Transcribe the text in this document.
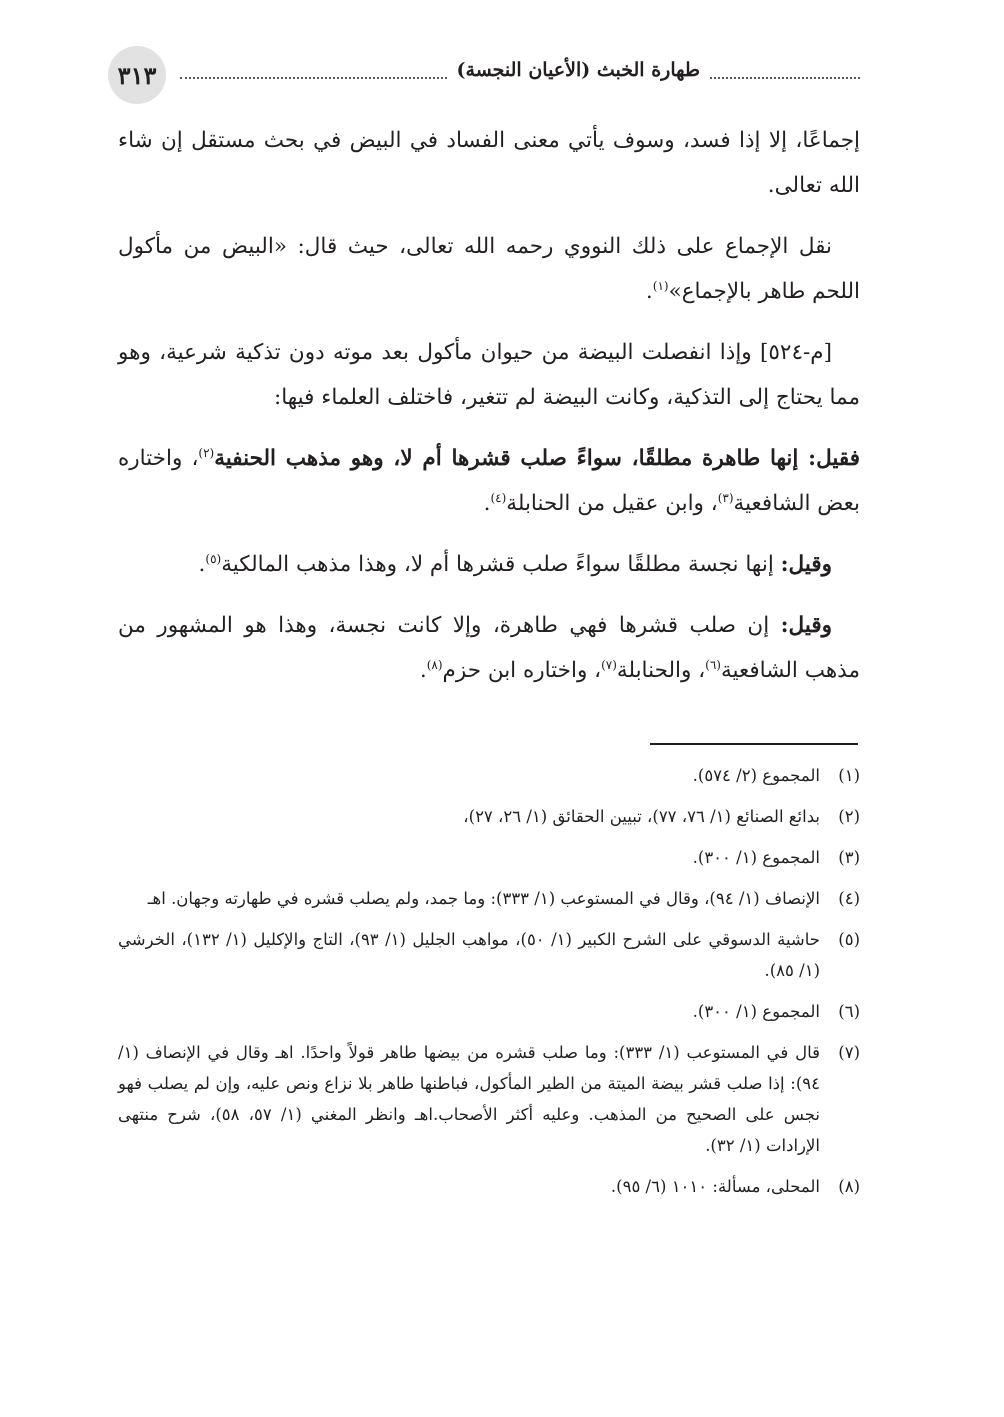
٣١٣	طهارة الخبث (الأعيان النجسة)

إجماعًا، إلا إذا فسد، وسوف يأتي معنى الفساد في البيض في بحث مستقل إن شاء الله تعالى.

نقل الإجماع على ذلك النووي رحمه الله تعالى، حيث قال: «البيض من مأكول اللحم طاهر بالإجماع»$^{(١)}$.

[م-٥٢٤] وإذا انفصلت البيضة من حيوان مأكول بعد موته دون تذكية شرعية، وهو مما يحتاج إلى التذكية، وكانت البيضة لم تتغير، فاختلف العلماء فيها:

فقيل: إنها طاهرة مطلقًا، سواءً صلب قشرها أم لا، وهو مذهب الحنفية$^{(٢)}$، واختاره بعض الشافعية$^{(٣)}$، وابن عقيل من الحنابلة$^{(٤)}$.

وقيل: إنها نجسة مطلقًا سواءً صلب قشرها أم لا، وهذا مذهب المالكية$^{(٥)}$.

وقيل: إن صلب قشرها فهي طاهرة، وإلا كانت نجسة، وهذا هو المشهور من مذهب الشافعية$^{(٦)}$، والحنابلة$^{(٧)}$، واختاره ابن حزم$^{(٨)}$.

(١)
المجموع (٢/ ٥٧٤).
(٢)
بدائع الصنائع (١/ ٧٦، ٧٧)، تبيين الحقائق (١/ ٢٦، ٢٧)،
(٣)
المجموع (١/ ٣٠٠).
(٤)
الإنصاف (١/ ٩٤)، وقال في المستوعب (١/ ٣٣٣): وما جمد، ولم يصلب قشره في طهارته وجهان. اهـ
(٥)
حاشية الدسوقي على الشرح الكبير (١/ ٥٠)، مواهب الجليل (١/ ٩٣)، التاج والإكليل (١/ ١٣٢)، الخرشي (١/ ٨٥).
(٦)
المجموع (١/ ٣٠٠).
(٧)
قال في المستوعب (١/ ٣٣٣): وما صلب قشره من بيضها طاهر قولاً واحدًا. اهـ وقال في الإنصاف (١/ ٩٤): إذا صلب قشر بيضة الميتة من الطير المأكول، فباطنها طاهر بلا نزاع ونص عليه، وإن لم يصلب فهو نجس على الصحيح من المذهب. وعليه أكثر الأصحاب.اهـ وانظر المغني (١/ ٥٧، ٥٨)، شرح منتهى الإرادات (١/ ٣٢).
(٨)
المحلى، مسألة: ١٠١٠ (٦/ ٩٥).
